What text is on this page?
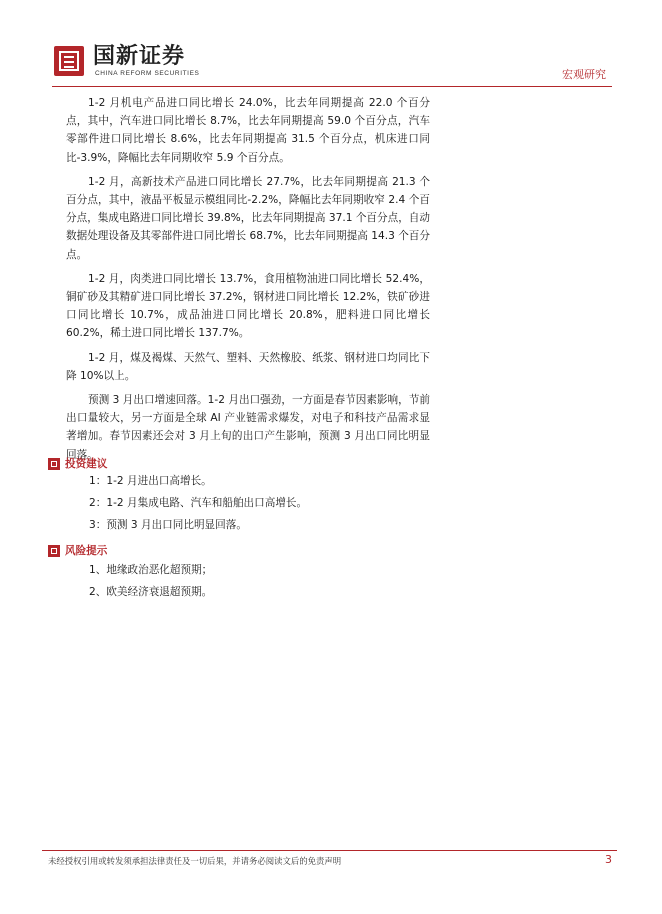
国新证券
CHINA REFORM SECURITIES	宏观研究

1-2 月机电产品进口同比增长 24.0%，比去年同期提高 22.0 个百分点，其中，汽车进口同比增长 8.7%，比去年同期提高 59.0 个百分点，汽车零部件进口同比增长 8.6%，比去年同期提高 31.5 个百分点，机床进口同比-3.9%，降幅比去年同期收窄 5.9 个百分点。

1-2 月，高新技术产品进口同比增长 27.7%，比去年同期提高 21.3 个百分点，其中，液晶平板显示模组同比-2.2%，降幅比去年同期收窄 2.4 个百分点，集成电路进口同比增长 39.8%，比去年同期提高 37.1 个百分点，自动数据处理设备及其零部件进口同比增长 68.7%，比去年同期提高 14.3 个百分点。

1-2 月，肉类进口同比增长 13.7%，食用植物油进口同比增长 52.4%，铜矿砂及其精矿进口同比增长 37.2%，钢材进口同比增长 12.2%，铁矿砂进口同比增长 10.7%，成品油进口同比增长 20.8%，肥料进口同比增长 60.2%，稀土进口同比增长 137.7%。

1-2 月，煤及褐煤、天然气、塑料、天然橡胶、纸浆、钢材进口均同比下降 10%以上。

预测 3 月出口增速回落。1-2 月出口强劲，一方面是春节因素影响，节前出口量较大，另一方面是全球 AI 产业链需求爆发，对电子和科技产品需求显著增加。春节因素还会对 3 月上旬的出口产生影响，预测 3 月出口同比明显回落。

投资建议
1：1-2 月进出口高增长。
2：1-2 月集成电路、汽车和船舶出口高增长。
3：预测 3 月出口同比明显回落。
风险提示
1、地缘政治恶化超预期；
2、欧美经济衰退超预期。
未经授权引用或转发须承担法律责任及一切后果，并请务必阅读文后的免责声明	3
